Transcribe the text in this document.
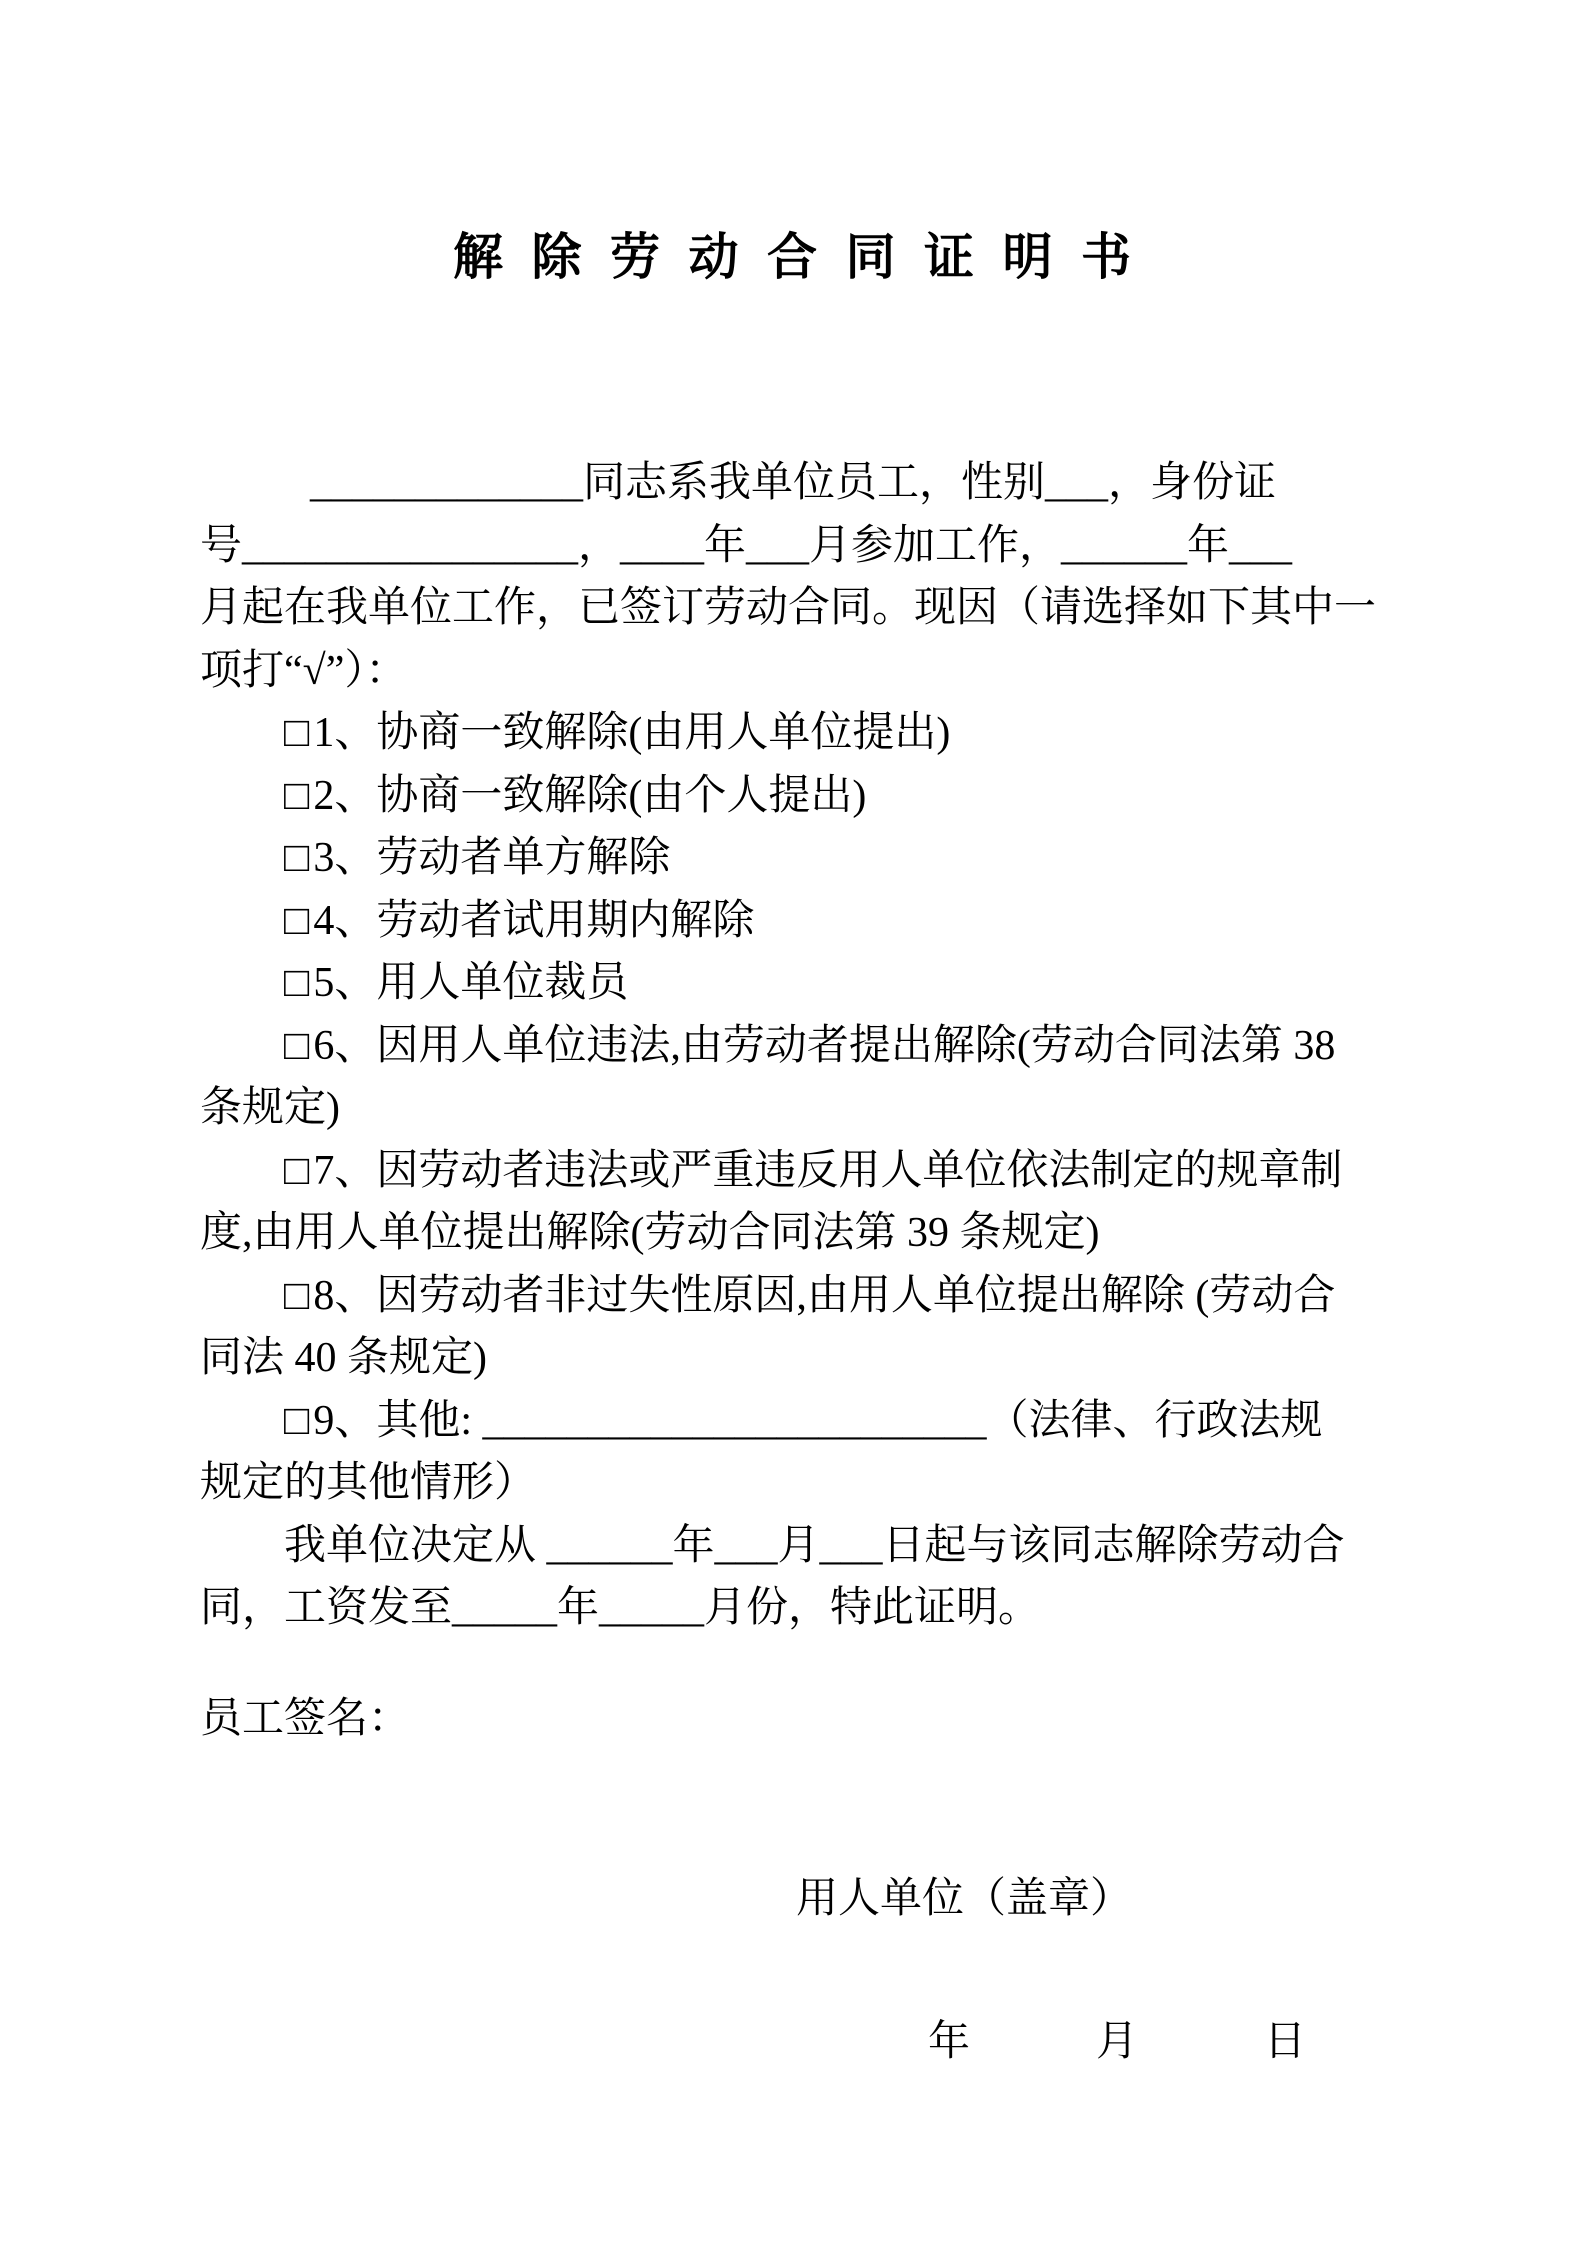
解 除 劳 动 合 同 证 明 书
_____________同志系我单位员工，性别___，身份证
号________________，____年___月参加工作，______年___
月起在我单位工作，已签订劳动合同。现因（请选择如下其中一
项打“√”）：
□1、协商一致解除(由用人单位提出)
□2、协商一致解除(由个人提出)
□3、劳动者单方解除
□4、劳动者试用期内解除
□5、用人单位裁员
□6、因用人单位违法,由劳动者提出解除(劳动合同法第 38
条规定)
□7、因劳动者违法或严重违反用人单位依法制定的规章制
度,由用人单位提出解除(劳动合同法第 39 条规定)
□8、因劳动者非过失性原因,由用人单位提出解除 (劳动合
同法 40 条规定)
□9、其他: ________________________（法律、行政法规
规定的其他情形）
我单位决定从 ______年___月___日起与该同志解除劳动合
同，工资发至_____年_____月份，特此证明。
员工签名：
用人单位（盖章）
年　　　月　　　日
